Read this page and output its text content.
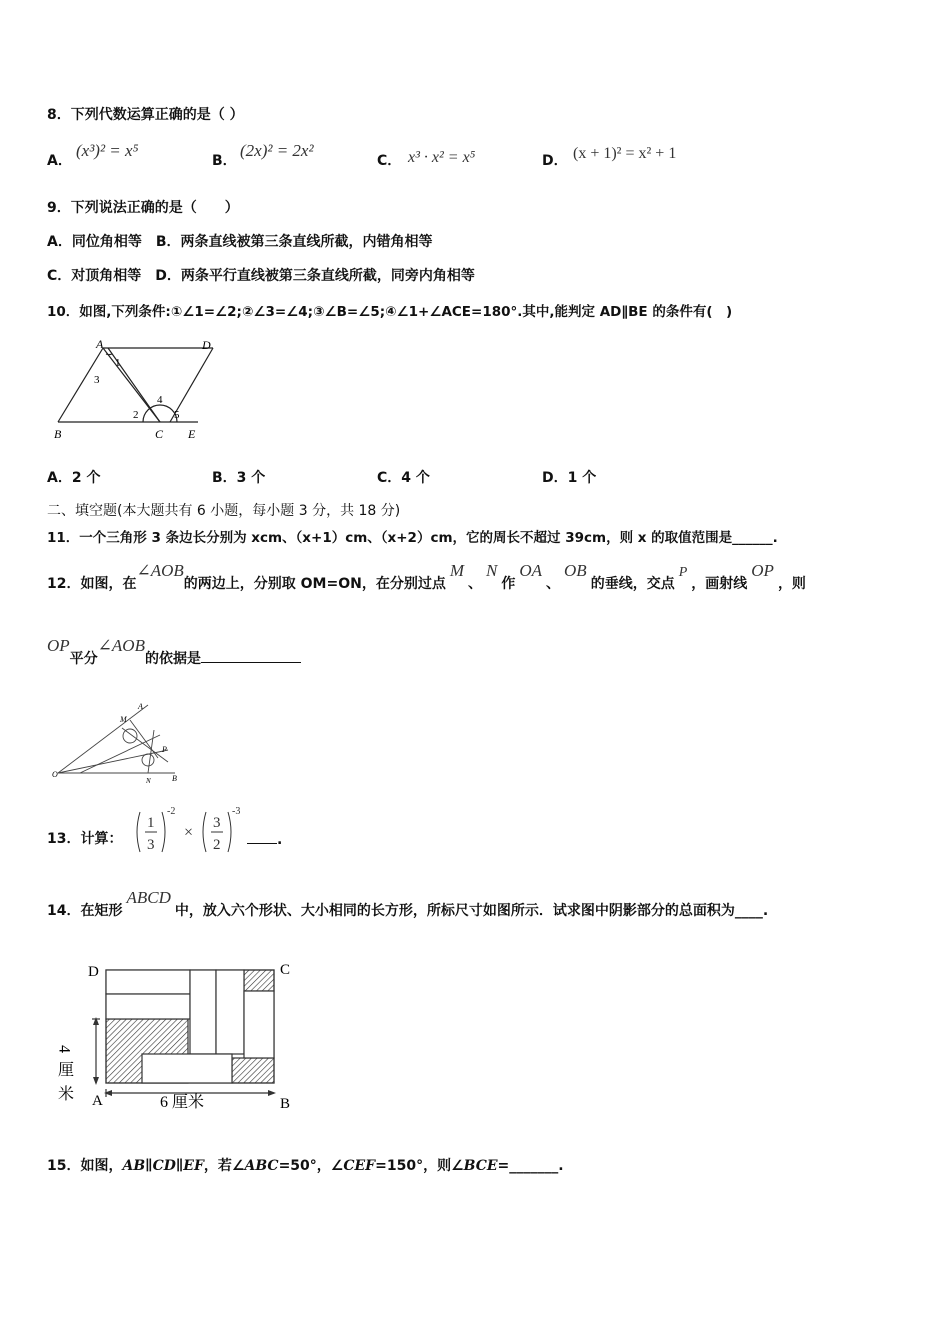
8．下列代数运算正确的是（ ）
A．
(x³)² = x⁵
B．
(2x)² = 2x²
C． x³ · x² = x⁵	D． (x + 1)² = x² + 1
9．下列说法正确的是（　　）
A．同位角相等　B．两条直线被第三条直线所截，内错角相等
C．对顶角相等　D．两条平行直线被第三条直线所截，同旁内角相等
10．如图,下列条件:①∠1=∠2;②∠3=∠4;③∠B=∠5;④∠1+∠ACE=180°.其中,能判定 AD∥BE 的条件有(　)
A	D
1
3
4
2	5
B	C E
A．2 个	B．3 个	C．4 个	D．1 个
二、填空题(本大题共有 6 小题，每小题 3 分，共 18 分)
11．一个三角形 3 条边长分别为 xcm、（x+1）cm、（x+2）cm，它的周长不超过 39cm，则 x 的取值范围是______.
12．如图，在∠AOB的两边上，分别取 OM=ON，在分别过点M、N作OA、OB的垂线，交点P，画射线OP，则
OP平分∠AOB的依据是
M
A
P
O
N	B
13．计算：
1
3
-2
×
3
2
-3
.
14．在矩形ABCD中，放入六个形状、大小相同的长方形，所标尺寸如图所示．试求图中阴影部分的总面积为____.
D	C
A	B
4 厘 米	6 厘米
15．如图，AB∥CD∥EF，若∠ABC=50°，∠CEF=150°，则∠BCE=_______.
